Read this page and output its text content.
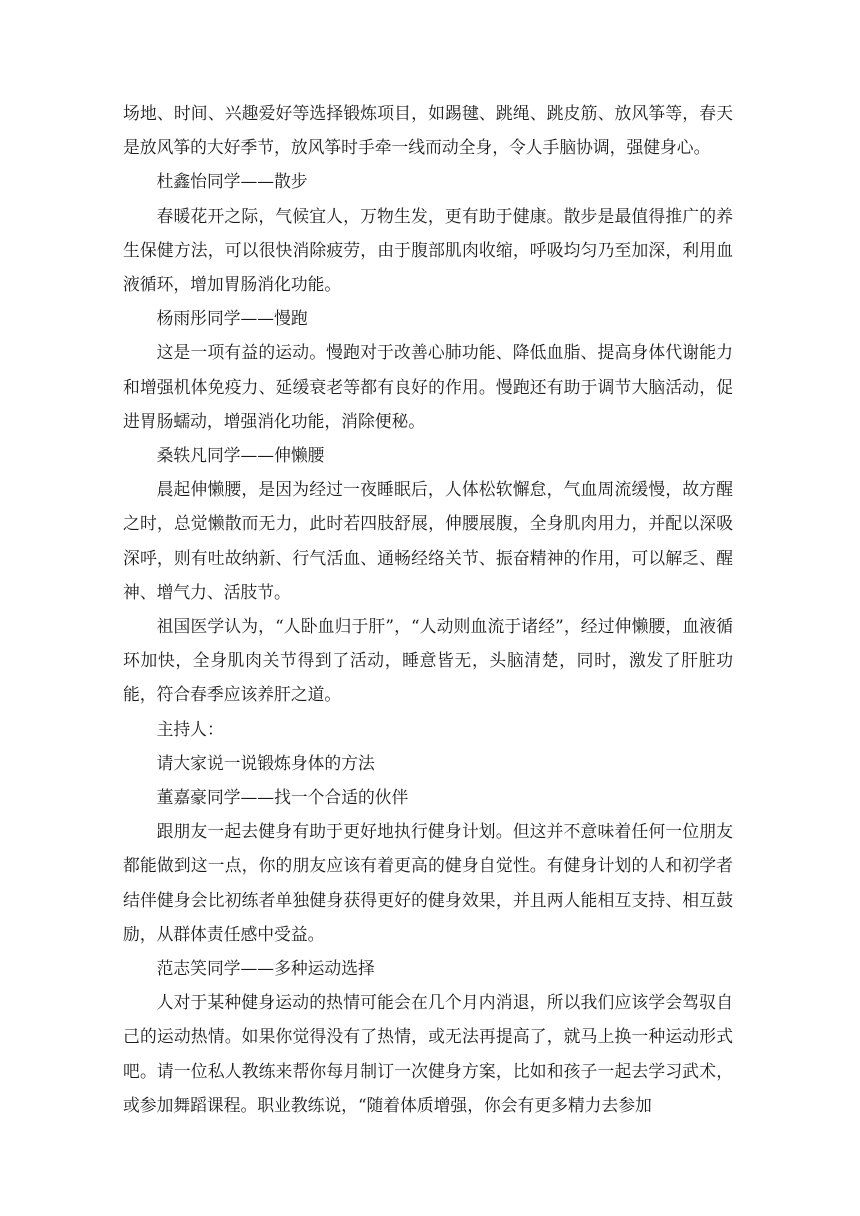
场地、时间、兴趣爱好等选择锻炼项目，如踢毽、跳绳、跳皮筋、放风筝等，春天是放风筝的大好季节，放风筝时手牵一线而动全身，令人手脑协调，强健身心。

杜鑫怡同学——散步

春暖花开之际，气候宜人，万物生发，更有助于健康。散步是最值得推广的养生保健方法，可以很快消除疲劳，由于腹部肌肉收缩，呼吸均匀乃至加深，利用血液循环，增加胃肠消化功能。

杨雨彤同学——慢跑

这是一项有益的运动。慢跑对于改善心肺功能、降低血脂、提高身体代谢能力和增强机体免疫力、延缓衰老等都有良好的作用。慢跑还有助于调节大脑活动，促进胃肠蠕动，增强消化功能，消除便秘。

桑轶凡同学——伸懒腰

晨起伸懒腰，是因为经过一夜睡眠后，人体松软懈怠，气血周流缓慢，故方醒之时，总觉懒散而无力，此时若四肢舒展，伸腰展腹，全身肌肉用力，并配以深吸深呼，则有吐故纳新、行气活血、通畅经络关节、振奋精神的作用，可以解乏、醒神、增气力、活肢节。

祖国医学认为，“人卧血归于肝”，“人动则血流于诸经”，经过伸懒腰，血液循环加快，全身肌肉关节得到了活动，睡意皆无，头脑清楚，同时，激发了肝脏功能，符合春季应该养肝之道。

主持人：

请大家说一说锻炼身体的方法

董嘉豪同学——找一个合适的伙伴

跟朋友一起去健身有助于更好地执行健身计划。但这并不意味着任何一位朋友都能做到这一点，你的朋友应该有着更高的健身自觉性。有健身计划的人和初学者结伴健身会比初练者单独健身获得更好的健身效果，并且两人能相互支持、相互鼓励，从群体责任感中受益。

范志笑同学——多种运动选择

人对于某种健身运动的热情可能会在几个月内消退，所以我们应该学会驾驭自己的运动热情。如果你觉得没有了热情，或无法再提高了，就马上换一种运动形式吧。请一位私人教练来帮你每月制订一次健身方案，比如和孩子一起去学习武术，或参加舞蹈课程。职业教练说，“随着体质增强，你会有更多精力去参加
